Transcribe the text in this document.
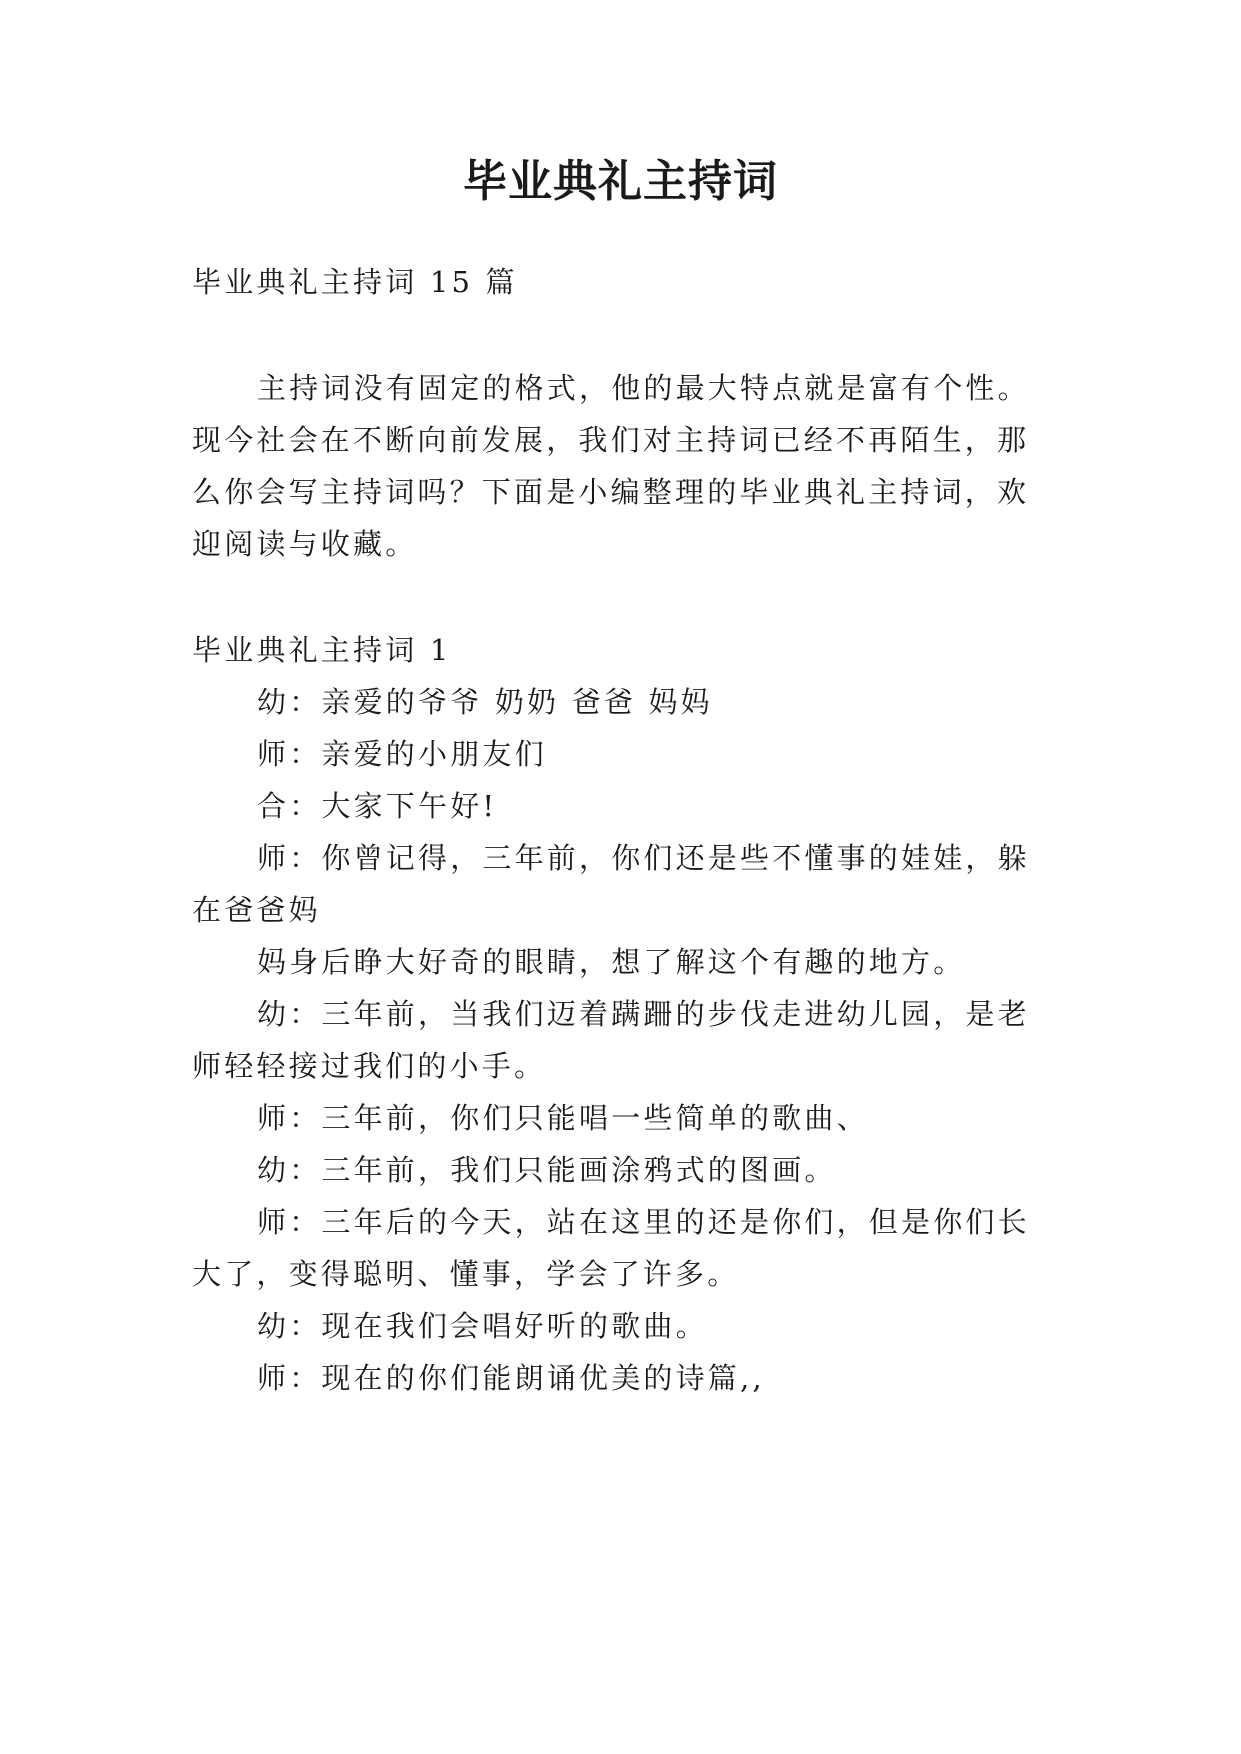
毕业典礼主持词

毕业典礼主持词 15 篇

主持词没有固定的格式，他的最大特点就是富有个性。

现今社会在不断向前发展，我们对主持词已经不再陌生，那

么你会写主持词吗？下面是小编整理的毕业典礼主持词，欢

迎阅读与收藏。

毕业典礼主持词 1

幼：亲爱的爷爷 奶奶 爸爸 妈妈

师：亲爱的小朋友们

合：大家下午好!

师：你曾记得，三年前，你们还是些不懂事的娃娃，躲

在爸爸妈

妈身后睁大好奇的眼睛，想了解这个有趣的地方。

幼：三年前，当我们迈着蹒跚的步伐走进幼儿园，是老

师轻轻接过我们的小手。

师：三年前，你们只能唱一些简单的歌曲、

幼：三年前，我们只能画涂鸦式的图画。

师：三年后的今天，站在这里的还是你们，但是你们长

大了，变得聪明、懂事，学会了许多。

幼：现在我们会唱好听的歌曲。

师：现在的你们能朗诵优美的诗篇,,
